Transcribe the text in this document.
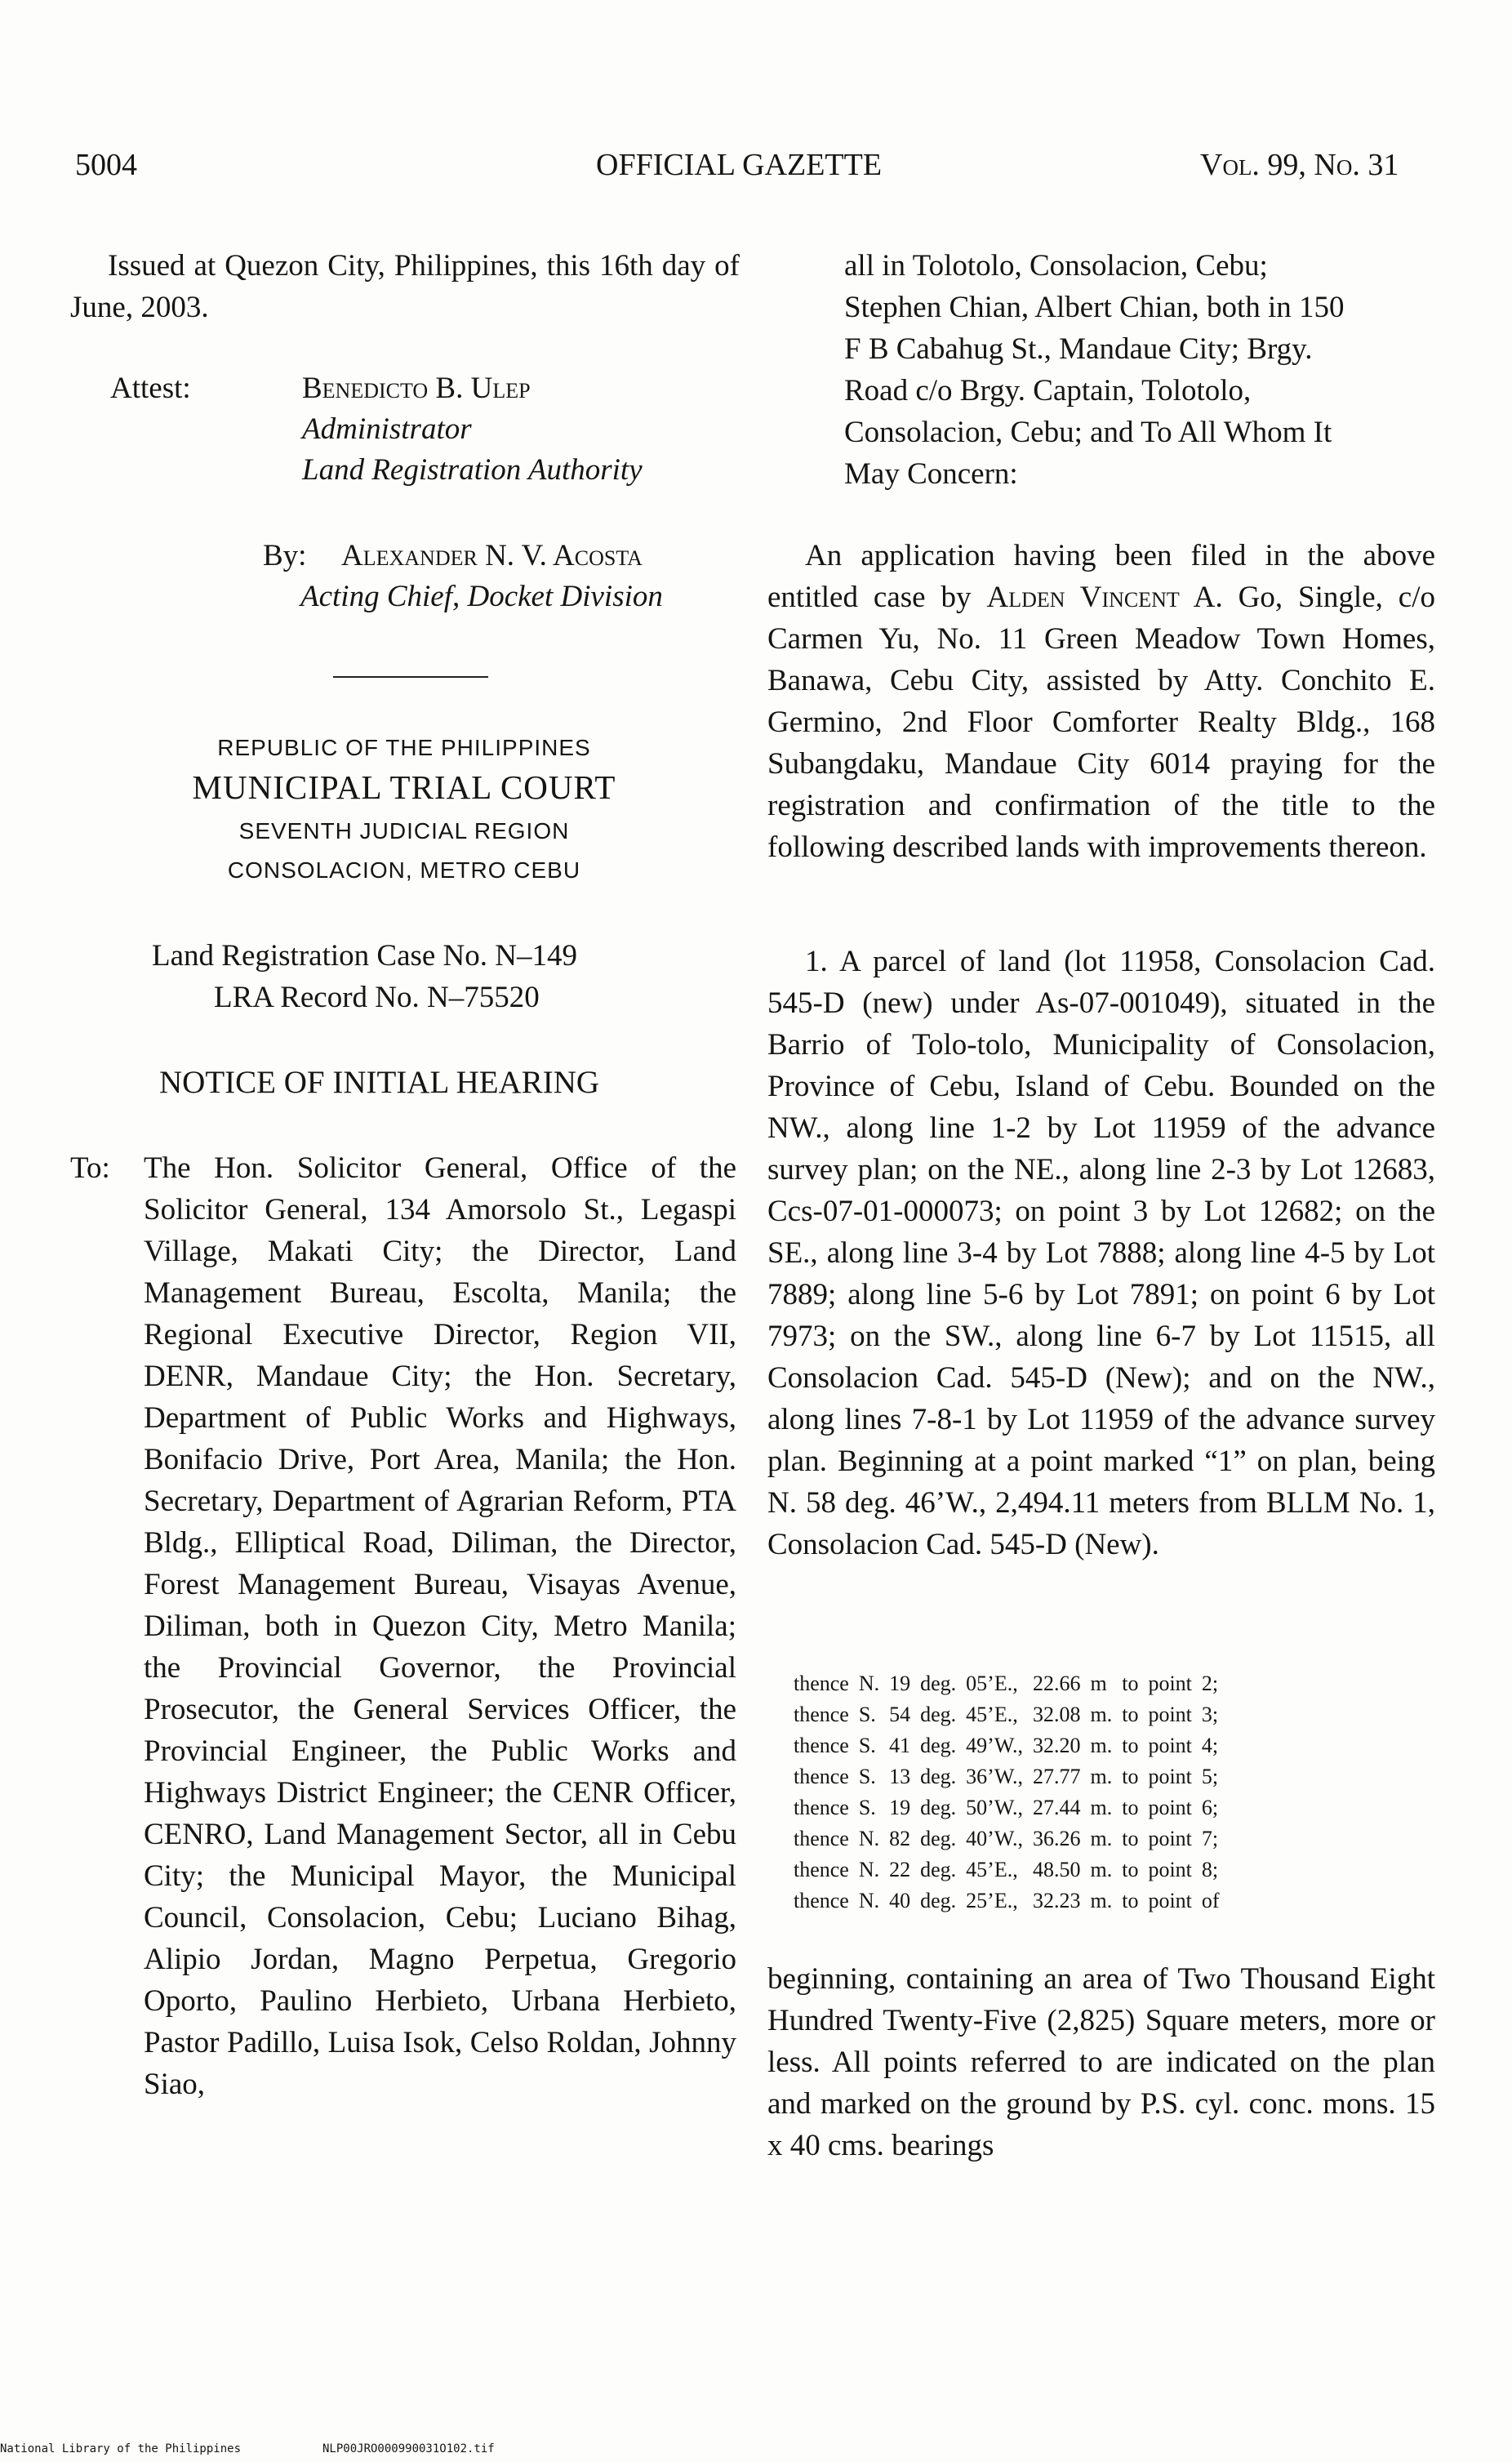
5004	OFFICIAL GAZETTE	Vol. 99, No. 31
Issued at Quezon City, Philippines, this 16th day of June, 2003.
Attest:	Benedicto B. Ulep
Administrator
Land Registration Authority
By: Alexander N. V. Acosta
Acting Chief, Docket Division
REPUBLIC OF THE PHILIPPINES
MUNICIPAL TRIAL COURT
SEVENTH JUDICIAL REGION
CONSOLACION, METRO CEBU
Land Registration Case No. N–149
LRA Record No. N–75520
NOTICE OF INITIAL HEARING
To: The Hon. Solicitor General, Office of the Solicitor General, 134 Amorsolo St., Legaspi Village, Makati City; the Director, Land Management Bureau, Escolta, Manila; the Regional Executive Director, Region VII, DENR, Mandaue City; the Hon. Secretary, Department of Public Works and Highways, Bonifacio Drive, Port Area, Manila; the Hon. Secretary, Department of Agrarian Reform, PTA Bldg., Elliptical Road, Diliman, the Director, Forest Management Bureau, Visayas Avenue, Diliman, both in Quezon City, Metro Manila; the Provincial Governor, the Provincial Prosecutor, the General Services Officer, the Provincial Engineer, the Public Works and Highways District Engineer; the CENR Officer, CENRO, Land Management Sector, all in Cebu City; the Municipal Mayor, the Municipal Council, Consolacion, Cebu; Luciano Bihag, Alipio Jordan, Magno Perpetua, Gregorio Oporto, Paulino Herbieto, Urbana Herbieto, Pastor Padillo, Luisa Isok, Celso Roldan, Johnny Siao,
all in Tolotolo, Consolacion, Cebu;
Stephen Chian, Albert Chian, both in 150
F B Cabahug St., Mandaue City; Brgy.
Road c/o Brgy. Captain, Tolotolo,
Consolacion, Cebu; and To All Whom It
May Concern:
An application having been filed in the above entitled case by Alden Vincent A. Go, Single, c/o Carmen Yu, No. 11 Green Meadow Town Homes, Banawa, Cebu City, assisted by Atty. Conchito E. Germino, 2nd Floor Comforter Realty Bldg., 168 Subangdaku, Mandaue City 6014 praying for the registration and confirmation of the title to the following described lands with improvements thereon.
1. A parcel of land (lot 11958, Consolacion Cad. 545-D (new) under As-07-001049), situated in the Barrio of Tolo-tolo, Municipality of Consolacion, Province of Cebu, Island of Cebu. Bounded on the NW., along line 1-2 by Lot 11959 of the advance survey plan; on the NE., along line 2-3 by Lot 12683, Ccs-07-01-000073; on point 3 by Lot 12682; on the SE., along line 3-4 by Lot 7888; along line 4-5 by Lot 7889; along line 5-6 by Lot 7891; on point 6 by Lot 7973; on the SW., along line 6-7 by Lot 11515, all Consolacion Cad. 545-D (New); and on the NW., along lines 7-8-1 by Lot 11959 of the advance survey plan. Beginning at a point marked “1” on plan, being N. 58 deg. 46’W., 2,494.11 meters from BLLM No. 1, Consolacion Cad. 545-D (New).
thence	N.	19	deg.	05’E.,	22.66	m	to	point	2;
thence	S.	54	deg.	45’E.,	32.08	m.	to	point	3;
thence	S.	41	deg.	49’W.,	32.20	m.	to	point	4;
thence	S.	13	deg.	36’W.,	27.77	m.	to	point	5;
thence	S.	19	deg.	50’W.,	27.44	m.	to	point	6;
thence	N.	82	deg.	40’W.,	36.26	m.	to	point	7;
thence	N.	22	deg.	45’E.,	48.50	m.	to	point	8;
thence	N.	40	deg.	25’E.,	32.23	m.	to	point	of
beginning, containing an area of Two Thousand Eight Hundred Twenty-Five (2,825) Square meters, more or less. All points referred to are indicated on the plan and marked on the ground by P.S. cyl. conc. mons. 15 x 40 cms. bearings
National Library of the Philippines	NLP00JRO000990031O102.tif
